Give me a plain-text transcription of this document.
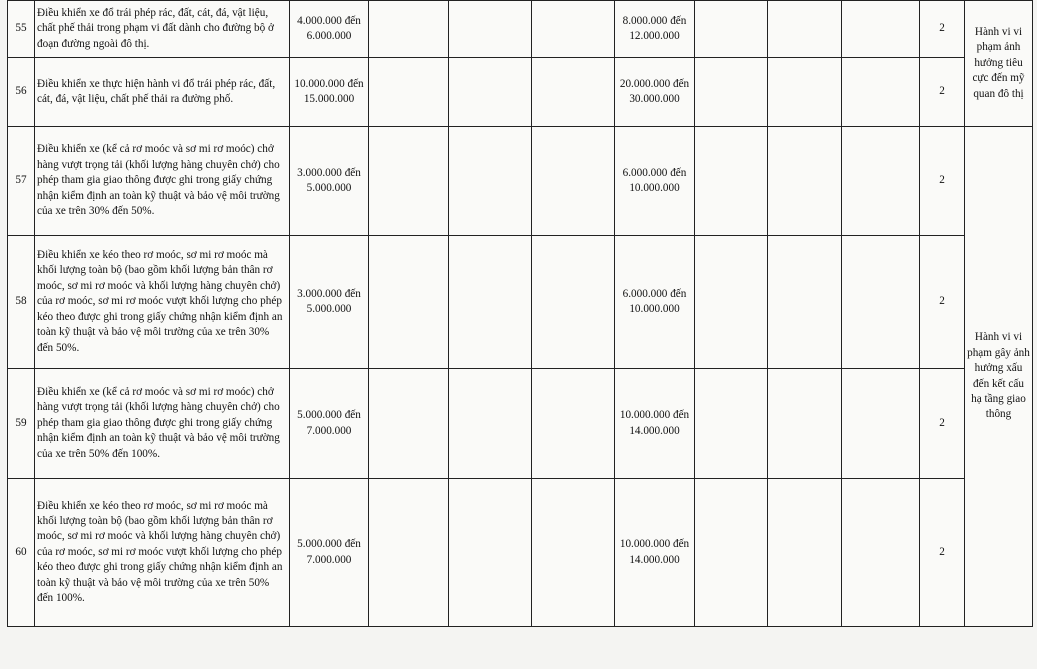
55	Điều khiển xe đổ trái phép rác, đất, cát, đá, vật liệu, chất phế thải trong phạm vi đất dành cho đường bộ ở đoạn đường ngoài đô thị.	4.000.000 đến 6.000.000				8.000.000 đến 12.000.000				2	Hành vi vi phạm ảnh hưởng tiêu cực đến mỹ quan đô thị
56	Điều khiển xe thực hiện hành vi đổ trái phép rác, đất, cát, đá, vật liệu, chất phế thải ra đường phố.	10.000.000 đến 15.000.000				20.000.000 đến 30.000.000				2	
57	Điều khiển xe (kể cả rơ moóc và sơ mi rơ moóc) chở hàng vượt trọng tải (khối lượng hàng chuyên chở) cho phép tham gia giao thông được ghi trong giấy chứng nhận kiểm định an toàn kỹ thuật và bảo vệ môi trường của xe trên 30% đến 50%.	3.000.000 đến 5.000.000				6.000.000 đến 10.000.000				2	Hành vi vi phạm gây ảnh hưởng xấu đến kết cấu hạ tầng giao thông
58	Điều khiển xe kéo theo rơ moóc, sơ mi rơ moóc mà khối lượng toàn bộ (bao gồm khối lượng bản thân rơ moóc, sơ mi rơ moóc và khối lượng hàng chuyên chở) của rơ moóc, sơ mi rơ moóc vượt khối lượng cho phép kéo theo được ghi trong giấy chứng nhận kiểm định an toàn kỹ thuật và bảo vệ môi trường của xe trên 30% đến 50%.	3.000.000 đến 5.000.000				6.000.000 đến 10.000.000				2	
59	Điều khiển xe (kể cả rơ moóc và sơ mi rơ moóc) chở hàng vượt trọng tải (khối lượng hàng chuyên chở) cho phép tham gia giao thông được ghi trong giấy chứng nhận kiểm định an toàn kỹ thuật và bảo vệ môi trường của xe trên 50% đến 100%.	5.000.000 đến 7.000.000				10.000.000 đến 14.000.000				2	
60	Điều khiển xe kéo theo rơ moóc, sơ mi rơ moóc mà khối lượng toàn bộ (bao gồm khối lượng bản thân rơ moóc, sơ mi rơ moóc và khối lượng hàng chuyên chở) của rơ moóc, sơ mi rơ moóc vượt khối lượng cho phép kéo theo được ghi trong giấy chứng nhận kiểm định an toàn kỹ thuật và bảo vệ môi trường của xe trên 50% đến 100%.	5.000.000 đến 7.000.000				10.000.000 đến 14.000.000				2	
